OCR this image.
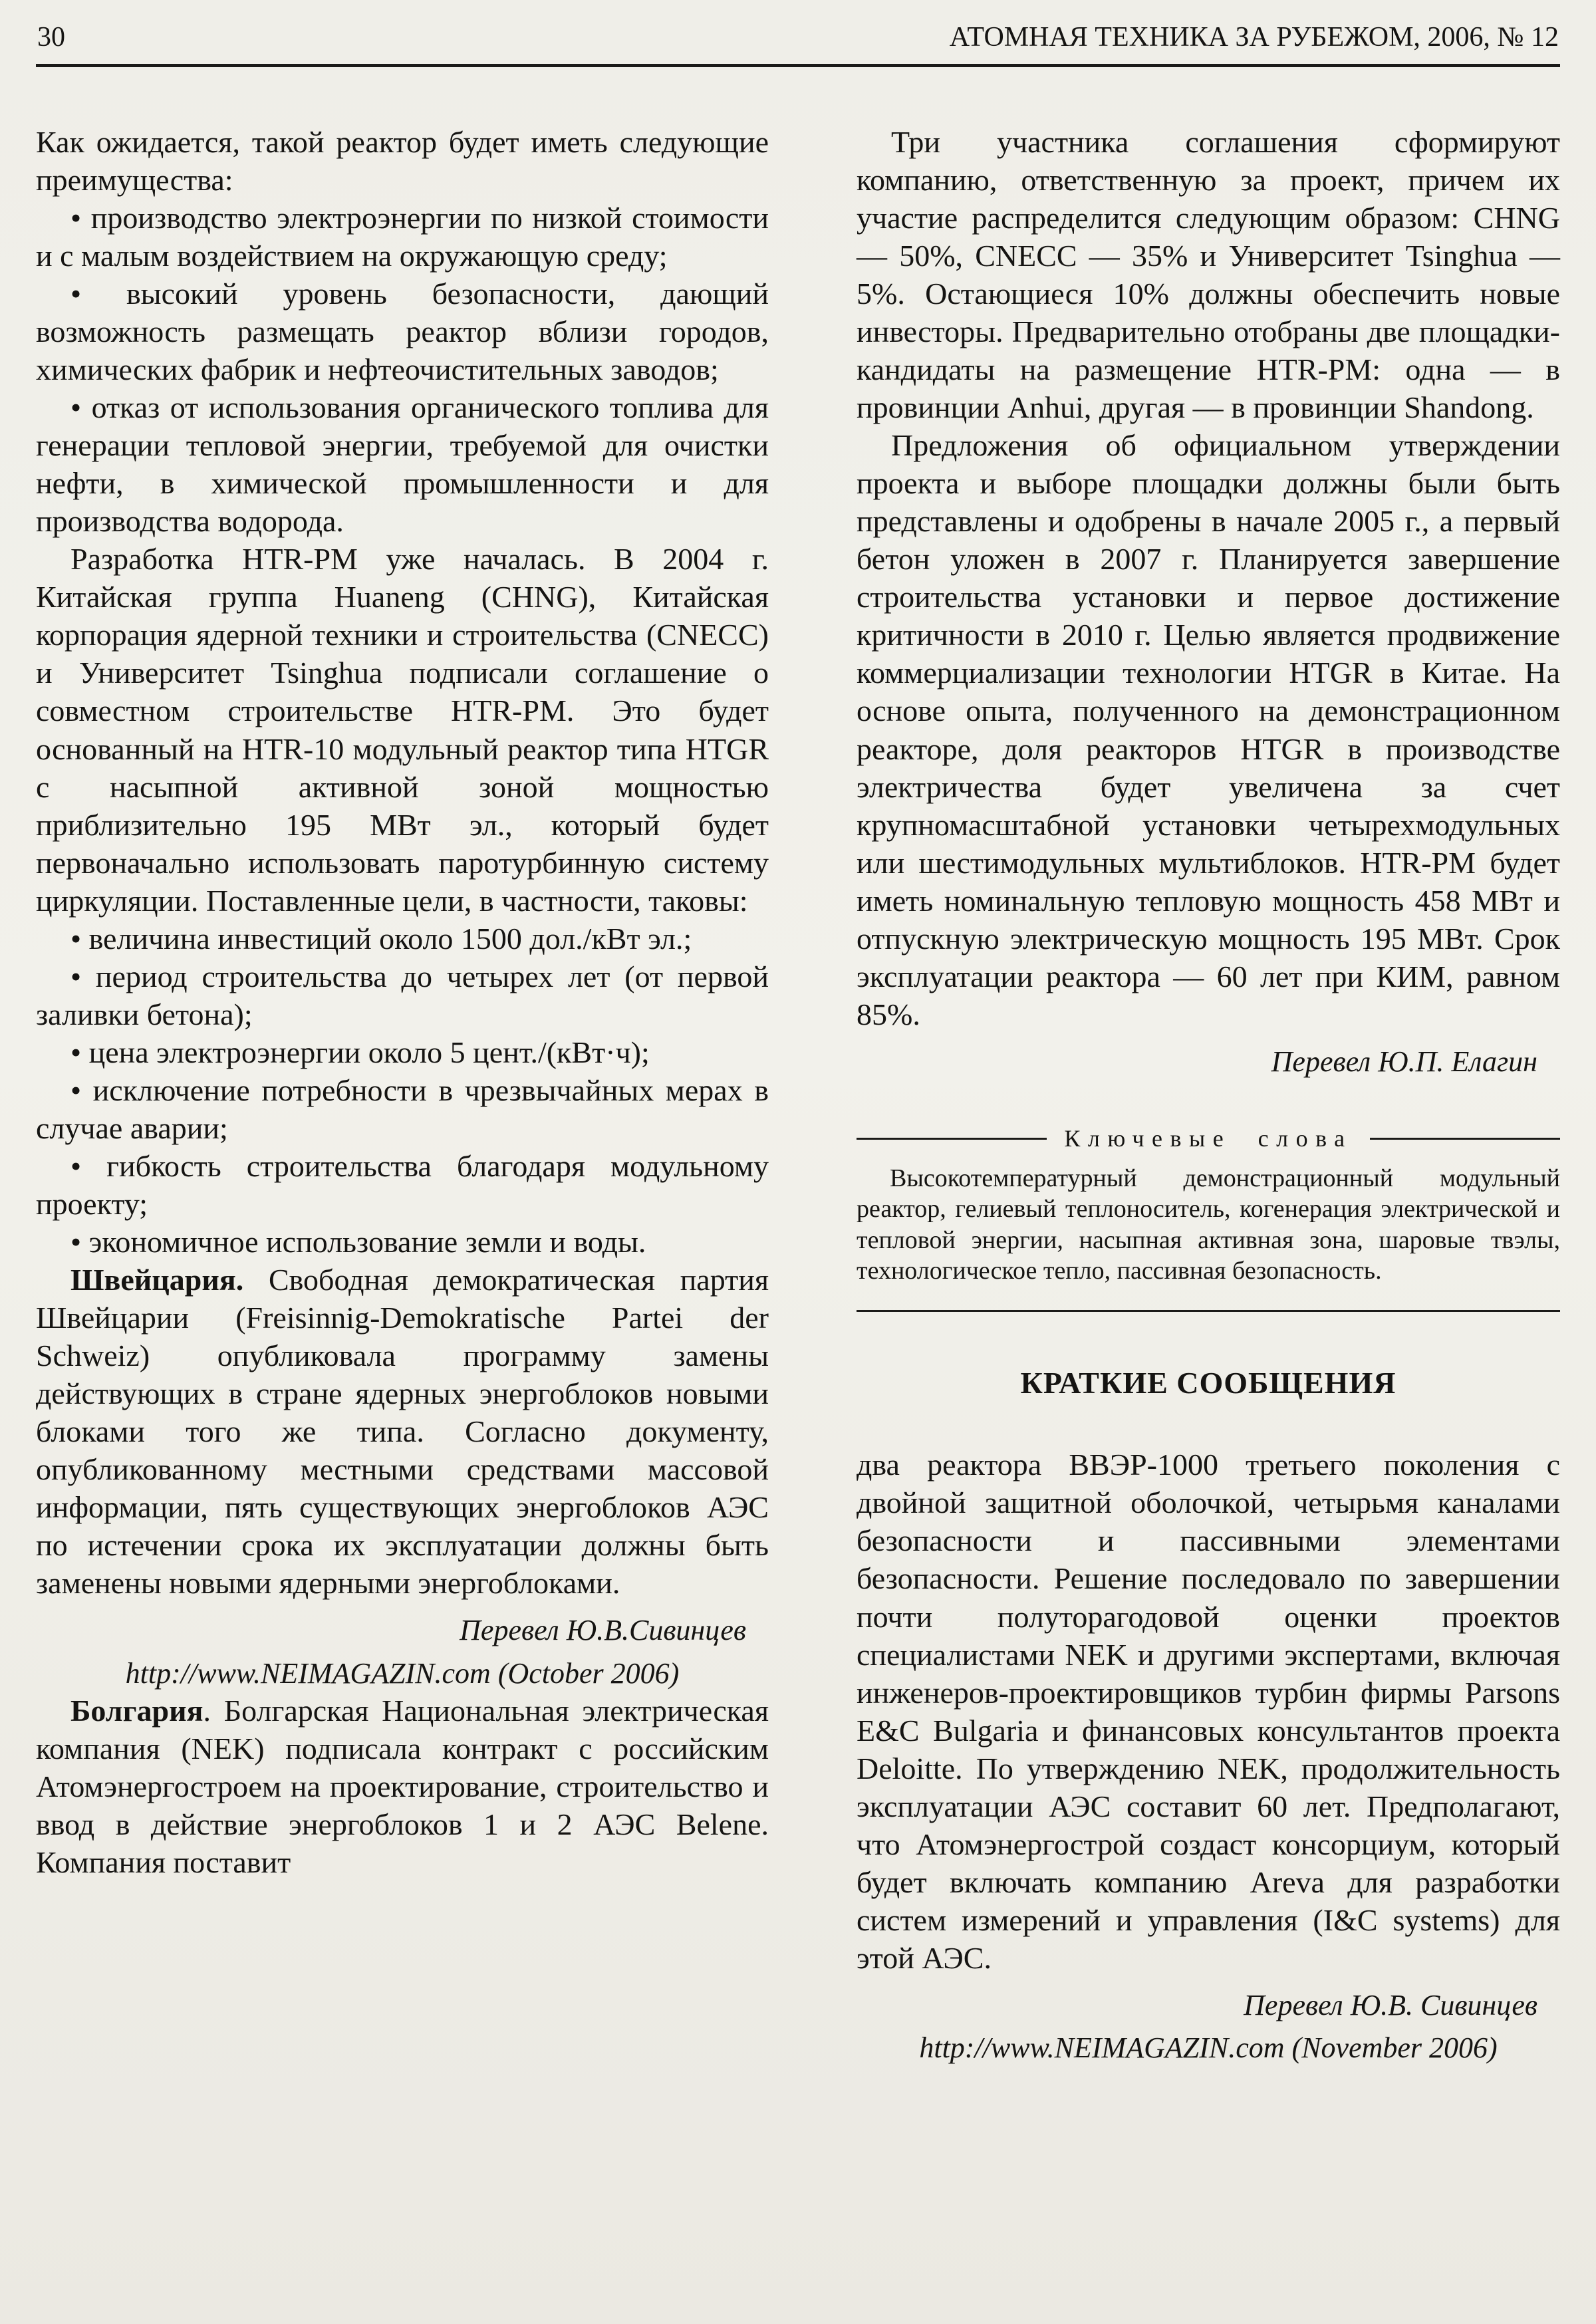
30	АТОМНАЯ ТЕХНИКА ЗА РУБЕЖОМ, 2006, № 12

Как ожидается, такой реактор будет иметь следующие преимущества:

• производство электроэнергии по низкой стоимости и с малым воздействием на окружающую среду;

• высокий уровень безопасности, дающий возможность размещать реактор вблизи городов, химических фабрик и нефтеочистительных заводов;

• отказ от использования органического топлива для генерации тепловой энергии, требуемой для очистки нефти, в химической промышленности и для производства водорода.

Разработка HTR-PM уже началась. В 2004 г. Китайская группа Huaneng (CHNG), Китайская корпорация ядерной техники и строительства (CNECC) и Университет Tsinghua подписали соглашение о совместном строительстве HTR-PM. Это будет основанный на HTR-10 модульный реактор типа HTGR с насыпной активной зоной мощностью приблизительно 195 МВт эл., который будет первоначально использовать паротурбинную систему циркуляции. Поставленные цели, в частности, таковы:

• величина инвестиций около 1500 дол./кВт эл.;

• период строительства до четырех лет (от первой заливки бетона);

• цена электроэнергии около 5 цент./(кВт·ч);

• исключение потребности в чрезвычайных мерах в случае аварии;

• гибкость строительства благодаря модульному проекту;

• экономичное использование земли и воды.

Швейцария. Свободная демократическая партия Швейцарии (Freisinnig-Demokratische Partei der Schweiz) опубликовала программу замены действующих в стране ядерных энергоблоков новыми блоками того же типа. Согласно документу, опубликованному местными средствами массовой информации, пять существующих энергоблоков АЭС по истечении срока их эксплуатации должны быть заменены новыми ядерными энергоблоками.

Перевел Ю.В.Сивинцев

http://www.NEIMAGAZIN.com (October 2006)

Болгария. Болгарская Национальная электрическая компания (NEK) подписала контракт с российским Атомэнергостроем на проектирование, строительство и ввод в действие энергоблоков 1 и 2 АЭС Belene. Компания поставит

Три участника соглашения сформируют компанию, ответственную за проект, причем их участие распределится следующим образом: CHNG — 50%, CNECC — 35% и Университет Tsinghua — 5%. Остающиеся 10% должны обеспечить новые инвесторы. Предварительно отобраны две площадки-кандидаты на размещение HTR-PM: одна — в провинции Anhui, другая — в провинции Shandong.

Предложения об официальном утверждении проекта и выборе площадки должны были быть представлены и одобрены в начале 2005 г., а первый бетон уложен в 2007 г. Планируется завершение строительства установки и первое достижение критичности в 2010 г. Целью является продвижение коммерциализации технологии HTGR в Китае. На основе опыта, полученного на демонстрационном реакторе, доля реакторов HTGR в производстве электричества будет увеличена за счет крупномасштабной установки четырехмодульных или шестимодульных мультиблоков. HTR-PM будет иметь номинальную тепловую мощность 458 МВт и отпускную электрическую мощность 195 МВт. Срок эксплуатации реактора — 60 лет при КИМ, равном 85%.

Перевел Ю.П. Елагин

Ключевые слова

Высокотемпературный демонстрационный модульный реактор, гелиевый теплоноситель, когенерация электрической и тепловой энергии, насыпная активная зона, шаровые твэлы, технологическое тепло, пассивная безопасность.

КРАТКИЕ СООБЩЕНИЯ

два реактора ВВЭР-1000 третьего поколения с двойной защитной оболочкой, четырьмя каналами безопасности и пассивными элементами безопасности. Решение последовало по завершении почти полуторагодовой оценки проектов специалистами NEK и другими экспертами, включая инженеров-проектировщиков турбин фирмы Parsons E&C Bulgaria и финансовых консультантов проекта Deloitte. По утверждению NEK, продолжительность эксплуатации АЭС составит 60 лет. Предполагают, что Атомэнергострой создаст консорциум, который будет включать компанию Areva для разработки систем измерений и управления (I&C systems) для этой АЭС.

Перевел Ю.В. Сивинцев

http://www.NEIMAGAZIN.com (November 2006)
